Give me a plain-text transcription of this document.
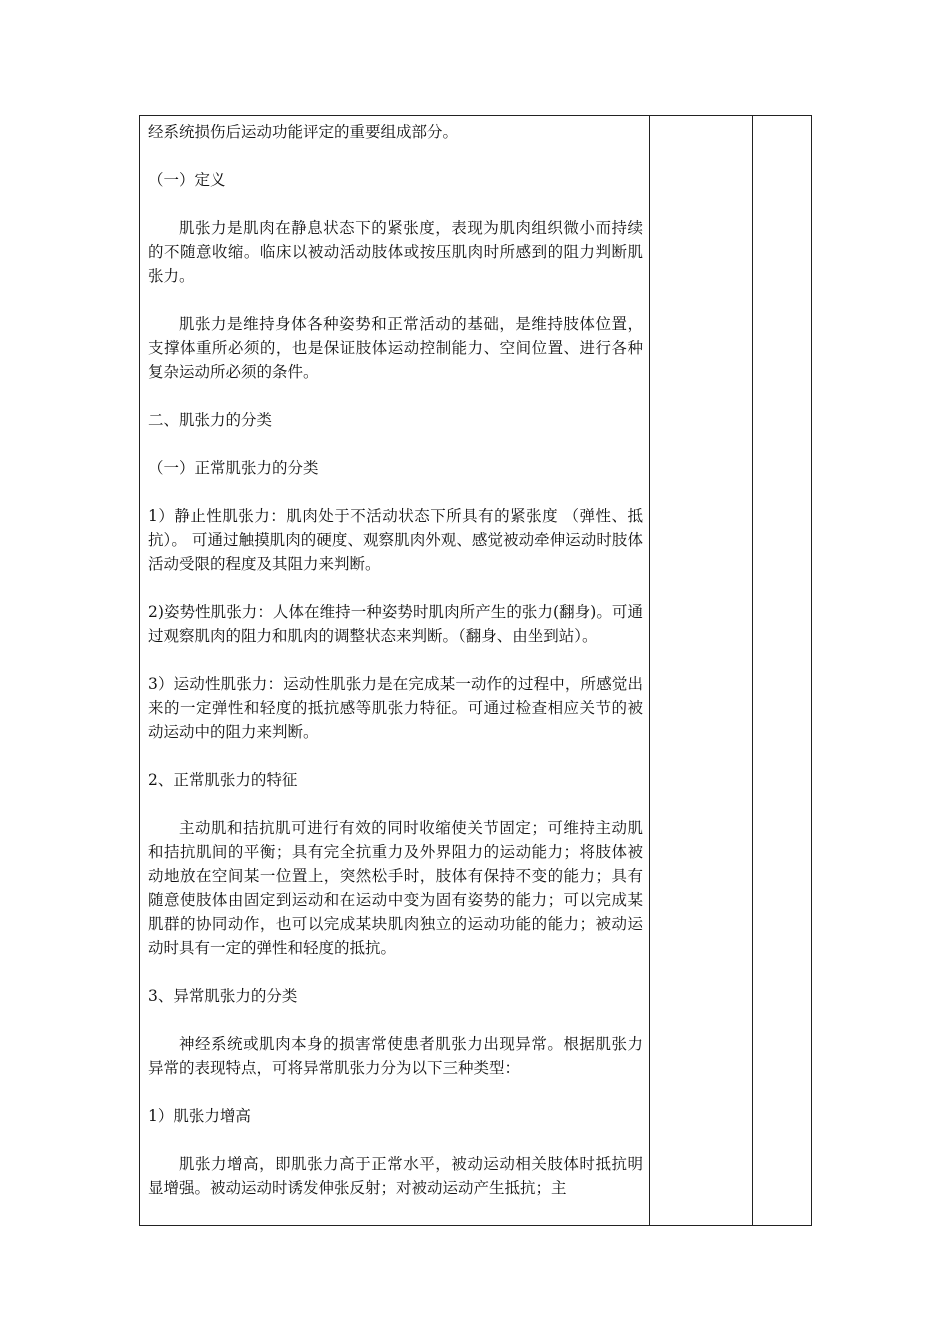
经系统损伤后运动功能评定的重要组成部分。

（一）定义

肌张力是肌肉在静息状态下的紧张度，表现为肌肉组织微小而持续的不随意收缩。临床以被动活动肢体或按压肌肉时所感到的阻力判断肌张力。

肌张力是维持身体各种姿势和正常活动的基础，是维持肢体位置，支撑体重所必须的，也是保证肢体运动控制能力、空间位置、进行各种复杂运动所必须的条件。

二、肌张力的分类

（一）正常肌张力的分类

1）静止性肌张力：肌肉处于不活动状态下所具有的紧张度 （弹性、抵抗）。 可通过触摸肌肉的硬度、观察肌肉外观、感觉被动牵伸运动时肢体活动受限的程度及其阻力来判断。

2)姿势性肌张力：人体在维持一种姿势时肌肉所产生的张力(翻身)。可通过观察肌肉的阻力和肌肉的调整状态来判断。（翻身、由坐到站）。

3）运动性肌张力：运动性肌张力是在完成某一动作的过程中，所感觉出来的一定弹性和轻度的抵抗感等肌张力特征。可通过检查相应关节的被动运动中的阻力来判断。

2、正常肌张力的特征

主动肌和拮抗肌可进行有效的同时收缩使关节固定；可维持主动肌和拮抗肌间的平衡；具有完全抗重力及外界阻力的运动能力；将肢体被动地放在空间某一位置上，突然松手时，肢体有保持不变的能力；具有随意使肢体由固定到运动和在运动中变为固有姿势的能力；可以完成某肌群的协同动作，也可以完成某块肌肉独立的运动功能的能力；被动运动时具有一定的弹性和轻度的抵抗。

3、异常肌张力的分类

神经系统或肌肉本身的损害常使患者肌张力出现异常。根据肌张力异常的表现特点，可将异常肌张力分为以下三种类型：

1）肌张力增高

肌张力增高，即肌张力高于正常水平，被动运动相关肢体时抵抗明显增强。被动运动时诱发伸张反射；对被动运动产生抵抗；主
